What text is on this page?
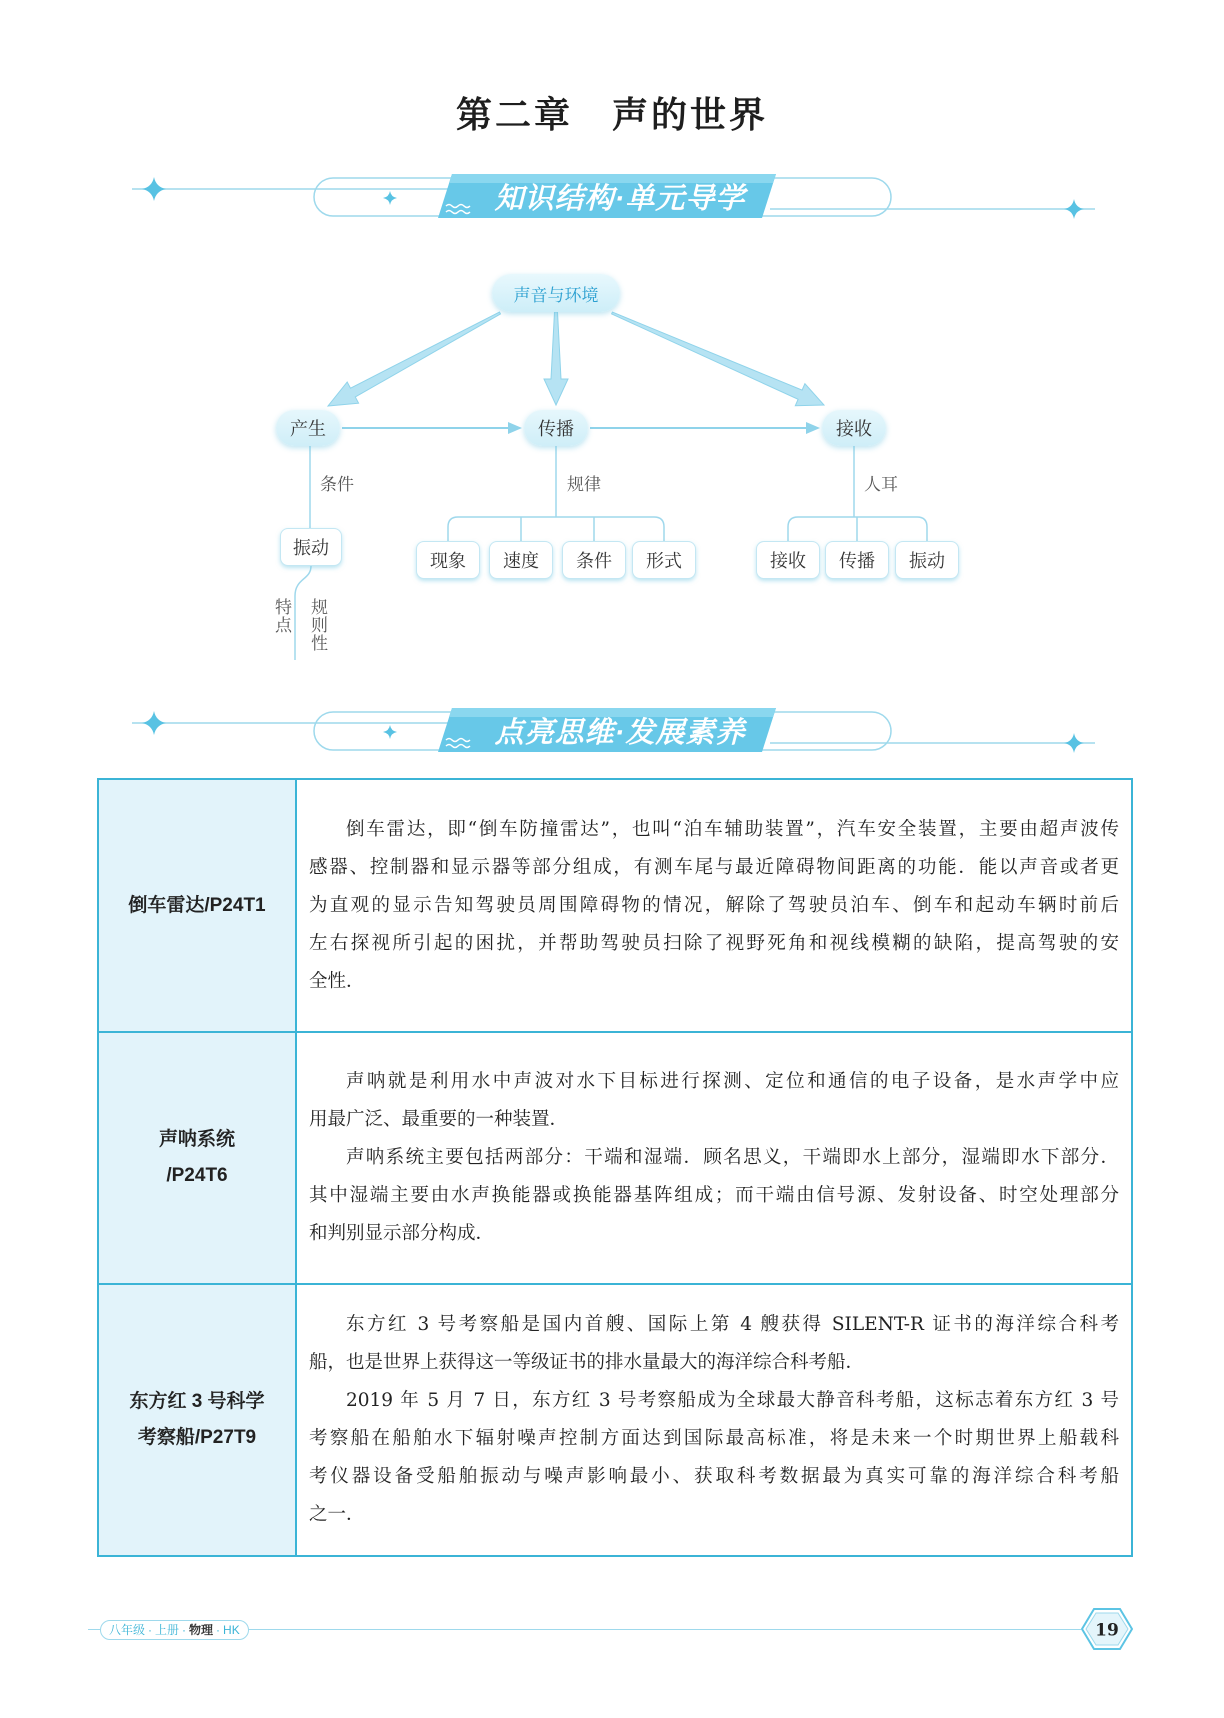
第二章　声的世界
知识结构·单元导学
声音与环境
产生	传播	接收
条件	规律	人耳
振动
特点 规则性
现象	速度	条件	形式	接收	传播	振动
点亮思维·发展素养
倒车雷达/P24T1
倒车雷达，即“倒车防撞雷达”，也叫“泊车辅助装置”，汽车安全装置，主要由超声波传
感器、控制器和显示器等部分组成，有测车尾与最近障碍物间距离的功能．能以声音或者更
为直观的显示告知驾驶员周围障碍物的情况，解除了驾驶员泊车、倒车和起动车辆时前后
左右探视所引起的困扰，并帮助驾驶员扫除了视野死角和视线模糊的缺陷，提高驾驶的安
全性．
声呐系统
/P24T6
声呐就是利用水中声波对水下目标进行探测、定位和通信的电子设备，是水声学中应
用最广泛、最重要的一种装置．
声呐系统主要包括两部分：干端和湿端．顾名思义，干端即水上部分，湿端即水下部分．
其中湿端主要由水声换能器或换能器基阵组成；而干端由信号源、发射设备、时空处理部分
和判别显示部分构成．
东方红 3 号科学
考察船/P27T9
东方红 3 号考察船是国内首艘、国际上第 4 艘获得 SILENT-R 证书的海洋综合科考
船，也是世界上获得这一等级证书的排水量最大的海洋综合科考船．
2019 年 5 月 7 日，东方红 3 号考察船成为全球最大静音科考船，这标志着东方红 3 号
考察船在船舶水下辐射噪声控制方面达到国际最高标准，将是未来一个时期世界上船载科
考仪器设备受船舶振动与噪声影响最小、获取科考数据最为真实可靠的海洋综合科考船
之一．
八年级 · 上册 · 物理 · HK	19
